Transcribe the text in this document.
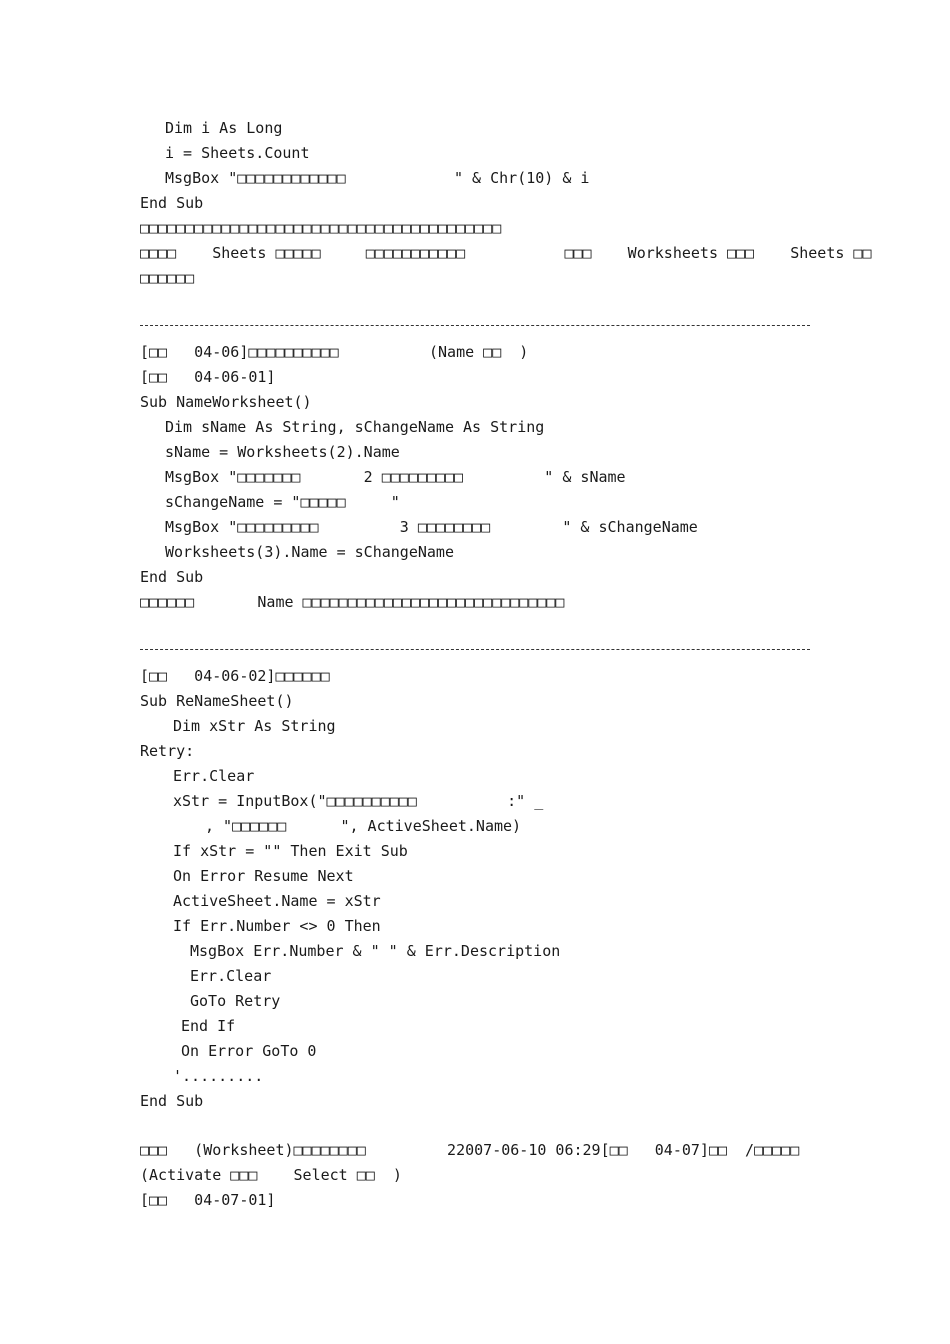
Dim i As Long
i = Sheets.Count
MsgBox "□□□□□□□□□□□□            " & Chr(10) & i
End Sub
□□□□□□□□□□□□□□□□□□□□□□□□□□□□□□□□□□□□□□□□
□□□□    Sheets □□□□□     □□□□□□□□□□□           □□□    Worksheets □□□    Sheets □□
□□□□□□
[□□   04-06]□□□□□□□□□□          (Name □□  )
[□□   04-06-01]
Sub NameWorksheet()
Dim sName As String, sChangeName As String
sName = Worksheets(2).Name
MsgBox "□□□□□□□       2 □□□□□□□□□         " & sName
sChangeName = "□□□□□     "
MsgBox "□□□□□□□□□         3 □□□□□□□□        " & sChangeName
Worksheets(3).Name = sChangeName
End Sub
□□□□□□       Name □□□□□□□□□□□□□□□□□□□□□□□□□□□□□
[□□   04-06-02]□□□□□□
Sub ReNameSheet()
Dim xStr As String
Retry:
Err.Clear
xStr = InputBox("□□□□□□□□□□          :" _
, "□□□□□□      ", ActiveSheet.Name)
If xStr = "" Then Exit Sub
On Error Resume Next
ActiveSheet.Name = xStr
If Err.Number <> 0 Then
MsgBox Err.Number & " " & Err.Description
Err.Clear
GoTo Retry
End If
On Error GoTo 0
'.........
End Sub
□□□   (Worksheet)□□□□□□□□         22007-06-10 06:29[□□   04-07]□□  /□□□□□
(Activate □□□    Select □□  )
[□□   04-07-01]
